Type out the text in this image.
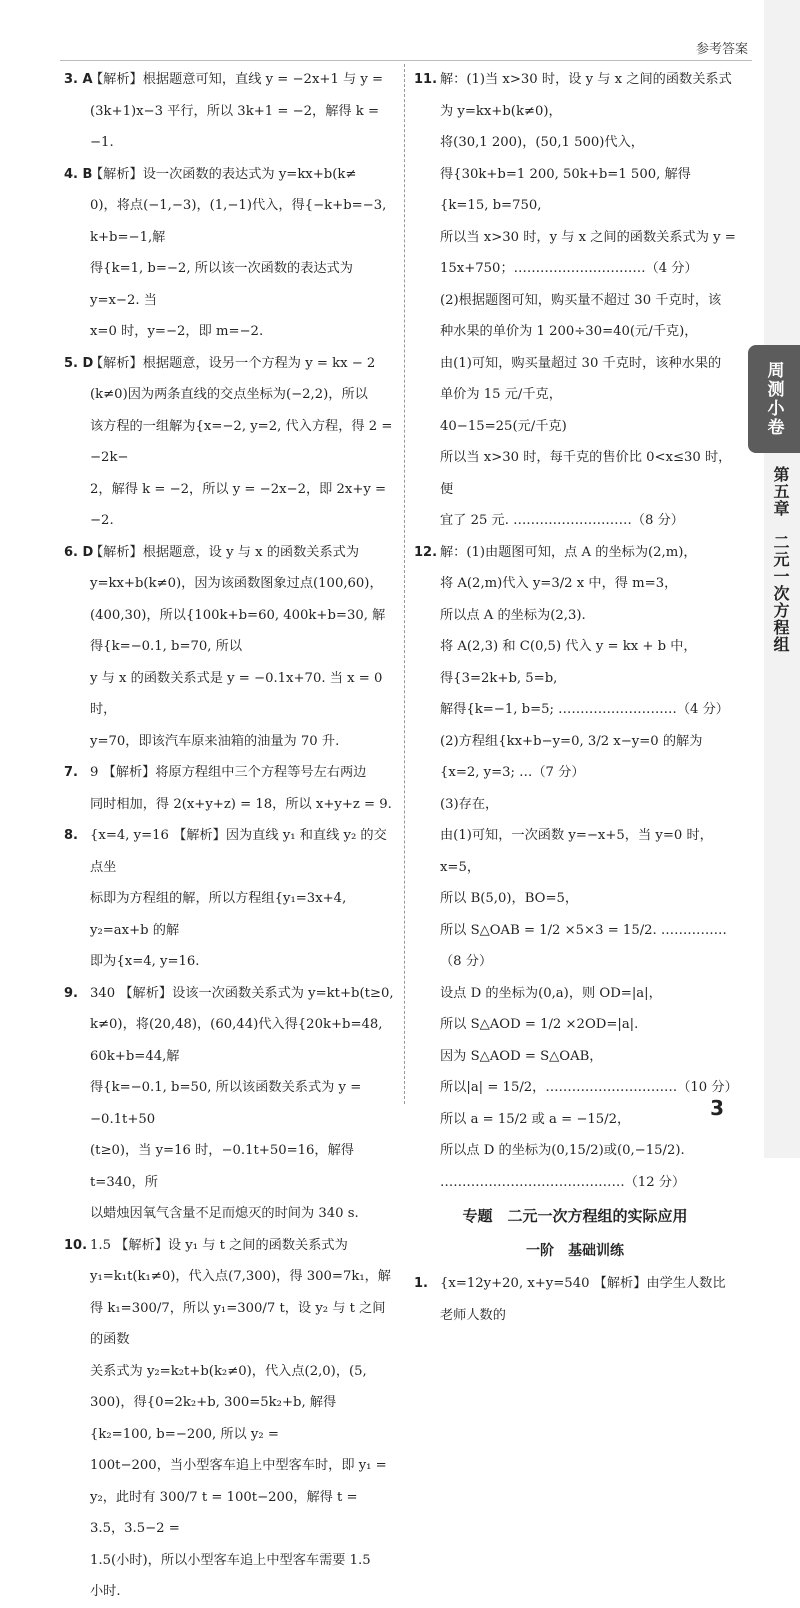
参考答案
3. A

【解析】根据题意可知，直线 y = −2x+1 与 y =

(3k+1)x−3 平行，所以 3k+1 = −2，解得 k = −1.

4. B

【解析】设一次函数的表达式为 y=kx+b(k≠

0)，将点(−1,−3)，(1,−1)代入，得{−k+b=−3, k+b=−1,解

得{k=1, b=−2, 所以该一次函数的表达式为 y=x−2. 当

x=0 时，y=−2，即 m=−2.

5. D

【解析】根据题意，设另一个方程为 y = kx − 2

(k≠0)因为两条直线的交点坐标为(−2,2)，所以

该方程的一组解为{x=−2, y=2, 代入方程，得 2 = −2k−

2，解得 k = −2，所以 y = −2x−2，即 2x+y = −2.

6. D

【解析】根据题意，设 y 与 x 的函数关系式为

y=kx+b(k≠0)，因为该函数图象过点(100,60)，

(400,30)，所以{100k+b=60, 400k+b=30, 解得{k=−0.1, b=70, 所以

y 与 x 的函数关系式是 y = −0.1x+70. 当 x = 0 时，

y=70，即该汽车原来油箱的油量为 70 升.

7. 9 【解析】将原方程组中三个方程等号左右两边

同时相加，得 2(x+y+z) = 18，所以 x+y+z = 9.

8. {x=4, y=16 【解析】因为直线 y₁ 和直线 y₂ 的交点坐

标即为方程组的解，所以方程组{y₁=3x+4, y₂=ax+b 的解

即为{x=4, y=16.

9. 340 【解析】设该一次函数关系式为 y=kt+b(t≥0,

k≠0)，将(20,48)，(60,44)代入得{20k+b=48, 60k+b=44,解

得{k=−0.1, b=50, 所以该函数关系式为 y = −0.1t+50

(t≥0)，当 y=16 时，−0.1t+50=16，解得 t=340，所

以蜡烛因氧气含量不足而熄灭的时间为 340 s.

10. 1.5 【解析】设 y₁ 与 t 之间的函数关系式为

y₁=k₁t(k₁≠0)，代入点(7,300)，得 300=7k₁，解

得 k₁=300/7，所以 y₁=300/7 t，设 y₂ 与 t 之间的函数

关系式为 y₂=k₂t+b(k₂≠0)，代入点(2,0)，(5,

300)，得{0=2k₂+b, 300=5k₂+b, 解得{k₂=100, b=−200, 所以 y₂ =

100t−200，当小型客车追上中型客车时，即 y₁ =

y₂，此时有 300/7 t = 100t−200，解得 t = 3.5，3.5−2 =

1.5(小时)，所以小型客车追上中型客车需要 1.5

小时.

11. 解：(1)当 x>30 时，设 y 与 x 之间的函数关系式

为 y=kx+b(k≠0)，

将(30,1 200)，(50,1 500)代入，

得{30k+b=1 200, 50k+b=1 500, 解得{k=15, b=750,

所以当 x>30 时，y 与 x 之间的函数关系式为 y =

15x+750；…………………………（4 分）

(2)根据题图可知，购买量不超过 30 千克时，该

种水果的单价为 1 200÷30=40(元/千克)，

由(1)可知，购买量超过 30 千克时，该种水果的

单价为 15 元/千克，

40−15=25(元/千克)

所以当 x>30 时，每千克的售价比 0<x≤30 时，便

宜了 25 元. ………………………（8 分）

12. 解：(1)由题图可知，点 A 的坐标为(2,m)，

将 A(2,m)代入 y=3/2 x 中，得 m=3，

所以点 A 的坐标为(2,3).

将 A(2,3) 和 C(0,5) 代入 y = kx + b 中，

得{3=2k+b, 5=b,

解得{k=−1, b=5; ………………………（4 分）

(2)方程组{kx+b−y=0, 3/2 x−y=0 的解为{x=2, y=3; …（7 分）

(3)存在，

由(1)可知，一次函数 y=−x+5，当 y=0 时，x=5，

所以 B(5,0)，BO=5，

所以 S△OAB = 1/2 ×5×3 = 15/2. ……………（8 分）

设点 D 的坐标为(0,a)，则 OD=|a|，

所以 S△AOD = 1/2 ×2OD=|a|.

因为 S△AOD = S△OAB，

所以|a| = 15/2，…………………………（10 分）

所以 a = 15/2 或 a = −15/2，

所以点 D 的坐标为(0,15/2)或(0,−15/2).

……………………………………（12 分）

专题　二元一次方程组的实际应用

一阶　基础训练

1. {x=12y+20, x+y=540 【解析】由学生人数比老师人数的

周测小卷
第五章　二元一次方程组
3
